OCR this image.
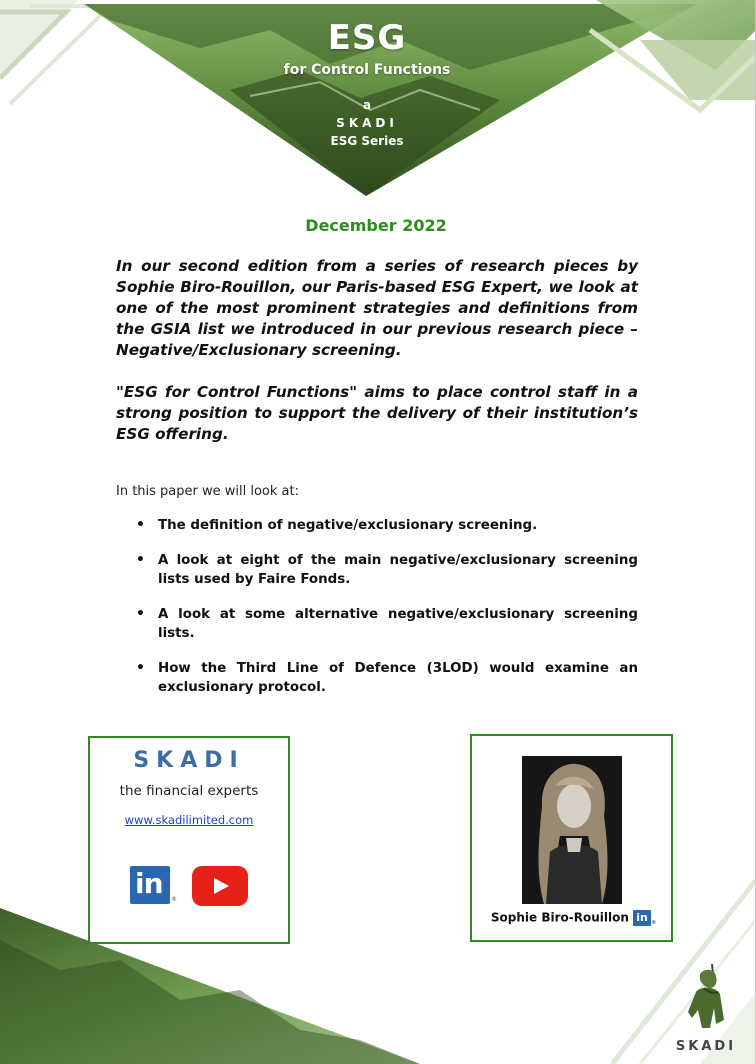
ESG
for Control Functions
a
SKADI
ESG Series
December 2022

In our second edition from a series of research pieces by Sophie Biro-Rouillon, our Paris-based ESG Expert, we look at one of the most prominent strategies and definitions from the GSIA list we introduced in our previous research piece – Negative/Exclusionary screening.

"ESG for Control Functions" aims to place control staff in a strong position to support the delivery of their institution’s ESG offering.

In this paper we will look at:
• The definition of negative/exclusionary screening.
• A look at eight of the main negative/exclusionary screening lists used by Faire Fonds.
• A look at some alternative negative/exclusionary screening lists.
• How the Third Line of Defence (3LOD) would examine an exclusionary protocol.
SKADI
the financial experts
www.skadilimited.com
in ®
Sophie Biro-Rouillon in ®
SKADI
